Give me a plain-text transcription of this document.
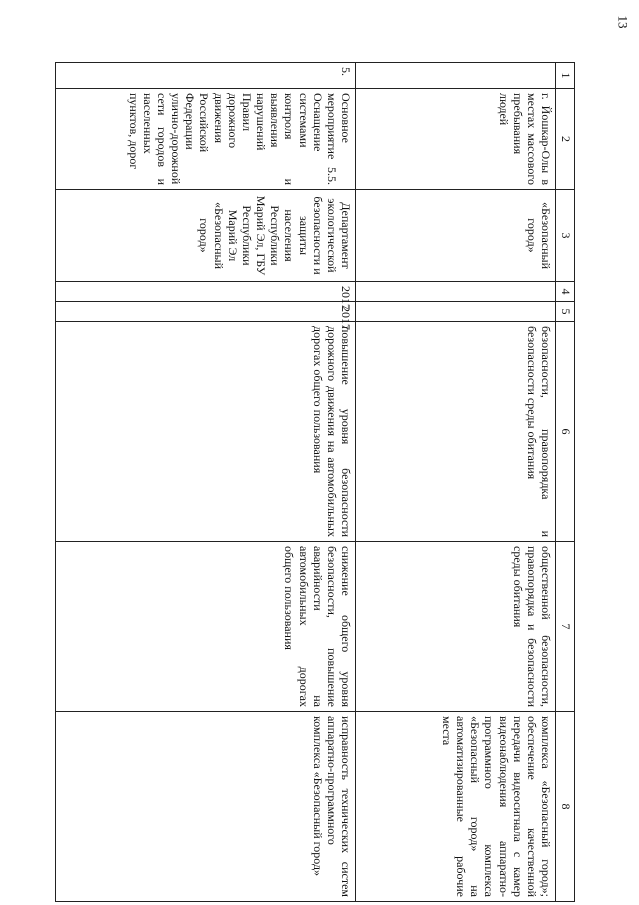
13
1	2	3	4	5	6	7	8
	г. Йошкар-Олы в местах массового пребывания людей	«Безопасный город»			безопасности, правопорядка и безопасности среды обитания	общественной безопасности, правопорядка и безопасности среды обитания	комплекса «Безопасный город»; обеспечение качественной передачи видеосигнала с камер видеонаблюдения аппаратно-программного комплекса «Безопасный город» на автоматизированные рабочие места
5.	Основное мероприятие 5.5. Оснащение системами контроля и выявления нарушений Правил дорожного движения Российской Федерации улично-дорожной сети городов и населенных пунктов, дорог	Департамент экологической безопасности и защиты населения Республики Марий Эл, ГБУ Республики Марий Эл «Безопасный город»	2017	2017	повышение уровня безопасности дорожного движения на автомобильных дорогах общего пользования	снижение общего уровня безопасности, повышение аварийности на автомобильных дорогах общего пользования	исправность технических систем аппаратно-программного комплекса «Безопасный город»
